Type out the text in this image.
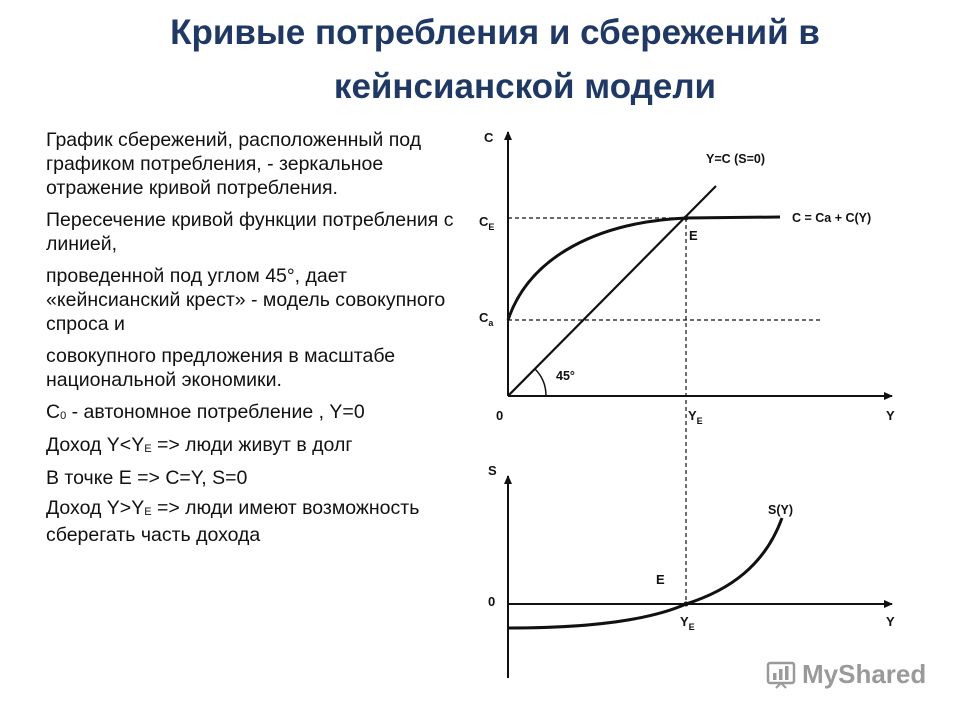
Кривые потребления и сбережений в
кейнсианской модели

График сбережений, расположенный под графиком потребления, - зеркальное отражение кривой потребления.

Пересечение кривой функции потребления с линией,

проведенной под углом 45°, дает «кейнсианский крест» - модель совокупного спроса и

совокупного предложения в масштабе национальной экономики.

С0 - автономное потребление , Y=0

Доход Y<YE => люди живут в долг

В точке Е => С=Y, S=0

Доход Y>YE => люди имеют возможность сберегать часть дохода

C
Y
0
Y=C (S=0)
C = Ca + C(Y)
$C_E$
$C_a$
E
45°
$Y_E$
S
Y
0
S(Y)
E
$Y_E$
MyShared
